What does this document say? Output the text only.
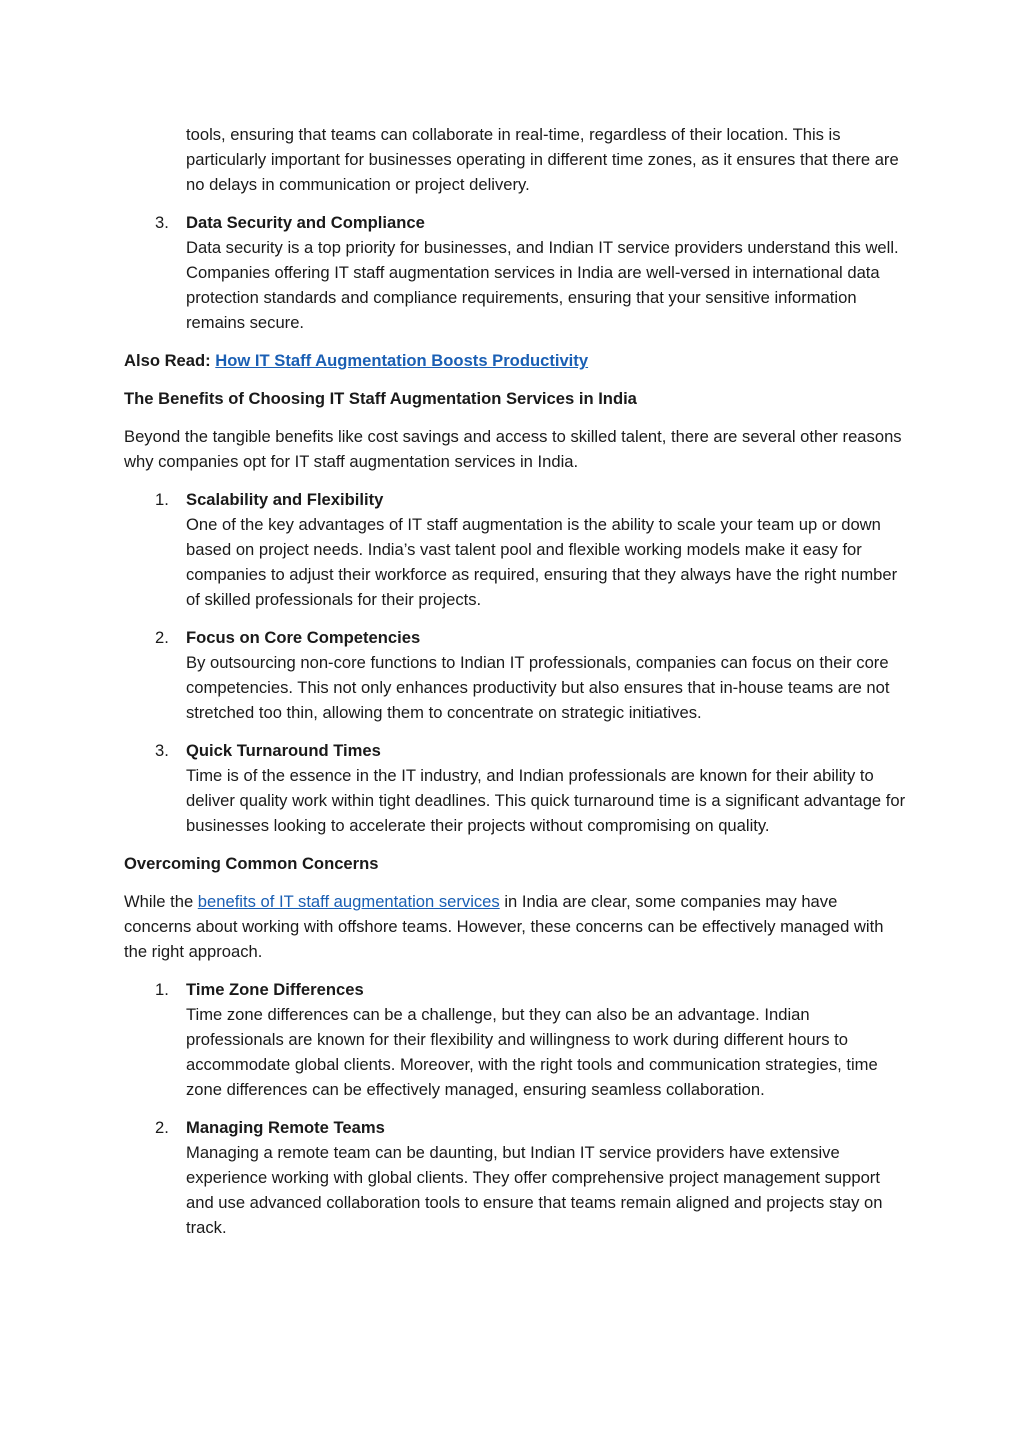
tools, ensuring that teams can collaborate in real-time, regardless of their location. This is particularly important for businesses operating in different time zones, as it ensures that there are no delays in communication or project delivery.

3. Data Security and Compliance
Data security is a top priority for businesses, and Indian IT service providers understand this well. Companies offering IT staff augmentation services in India are well-versed in international data protection standards and compliance requirements, ensuring that your sensitive information remains secure.

Also Read: How IT Staff Augmentation Boosts Productivity

The Benefits of Choosing IT Staff Augmentation Services in India

Beyond the tangible benefits like cost savings and access to skilled talent, there are several other reasons why companies opt for IT staff augmentation services in India.

1. Scalability and Flexibility
One of the key advantages of IT staff augmentation is the ability to scale your team up or down based on project needs. India’s vast talent pool and flexible working models make it easy for companies to adjust their workforce as required, ensuring that they always have the right number of skilled professionals for their projects.
2. Focus on Core Competencies
By outsourcing non-core functions to Indian IT professionals, companies can focus on their core competencies. This not only enhances productivity but also ensures that in-house teams are not stretched too thin, allowing them to concentrate on strategic initiatives.
3. Quick Turnaround Times
Time is of the essence in the IT industry, and Indian professionals are known for their ability to deliver quality work within tight deadlines. This quick turnaround time is a significant advantage for businesses looking to accelerate their projects without compromising on quality.

Overcoming Common Concerns

While the benefits of IT staff augmentation services in India are clear, some companies may have concerns about working with offshore teams. However, these concerns can be effectively managed with the right approach.

1. Time Zone Differences
Time zone differences can be a challenge, but they can also be an advantage. Indian professionals are known for their flexibility and willingness to work during different hours to accommodate global clients. Moreover, with the right tools and communication strategies, time zone differences can be effectively managed, ensuring seamless collaboration.
2. Managing Remote Teams
Managing a remote team can be daunting, but Indian IT service providers have extensive experience working with global clients. They offer comprehensive project management support and use advanced collaboration tools to ensure that teams remain aligned and projects stay on track.
